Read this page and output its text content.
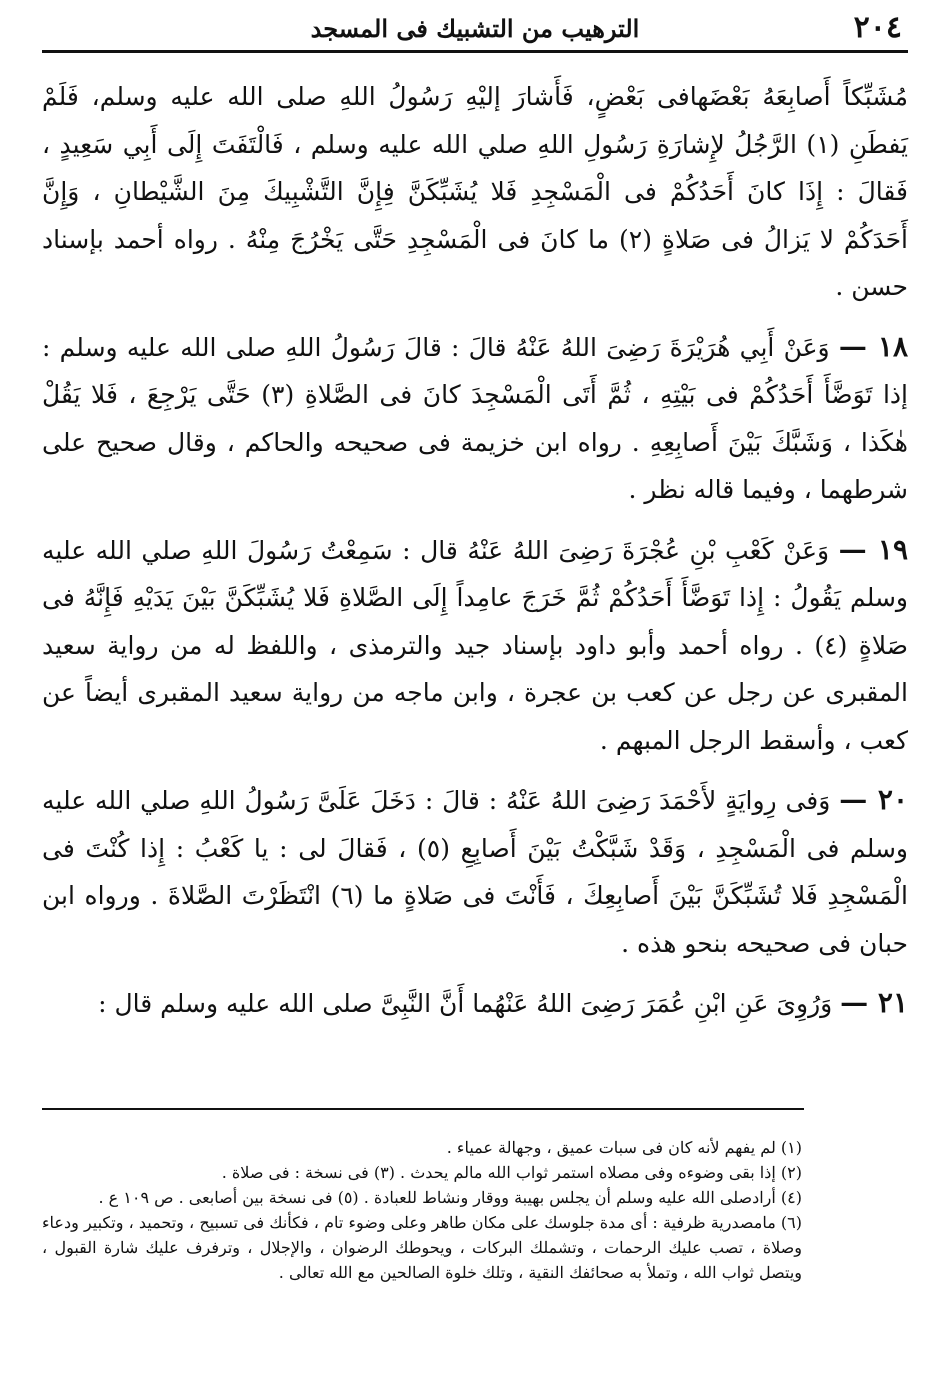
٢٠٤
الترهيب من التشبيك فى المسجد

مُشَبِّكاً أَصابِعَهُ بَعْضَهافى بَعْضٍ، فَأَشارَ إليْهِ رَسُولُ اللهِ صلى الله عليه وسلم، فَلَمْ يَفطَنِ (١) الرَّجُلُ لإِشارَةِ رَسُولِ اللهِ صلي الله عليه وسلم ، فَالْتَفَتَ إِلَى أَبِي سَعِيدٍ ، فَقالَ : إِذَا كانَ أَحَدُكُمْ فى الْمَسْجِدِ فَلا يُشَبِّكَنَّ فِإِنَّ التَّشْبِيكَ مِنَ الشَّيْطانِ ، وَإِنَّ أَحَدَكُمْ لا يَزالُ فى صَلاةٍ (٢) ما كانَ فى الْمَسْجِدِ حَتَّى يَخْرُجَ مِنْهُ . رواه أحمد بإسناد حسن .

١٨ — وَعَنْ أَبِي هُرَيْرَةَ رَضِىَ اللهُ عَنْهُ قالَ : قالَ رَسُولُ اللهِ صلى الله عليه وسلم : إذا تَوَضَّأَ أَحَدُكُمْ فى بَيْتِهِ ، ثُمَّ أَتَى الْمَسْجِدَ كانَ فى الصَّلاةِ (٣) حَتَّى يَرْجِعَ ، فَلا يَقُلْ هٰكَذا ، وَشَبَّكَ بَيْنَ أَصابِعِهِ . رواه ابن خزيمة فى صحيحه والحاكم ، وقال صحيح على شرطهما ، وفيما قاله نظر .

١٩ — وَعَنْ كَعْبِ بْنِ عُجْرَةَ رَضِىَ اللهُ عَنْهُ قال : سَمِعْتُ رَسُولَ اللهِ صلي الله عليه وسلم يَقُولُ : إِذا تَوَضَّأَ أَحَدُكُمْ ثُمَّ خَرَجَ عامِداً إِلَى الصَّلاةِ فَلا يُشَبِّكَنَّ بَيْنَ يَدَيْهِ فَإِنَّهُ فى صَلاةٍ (٤) . رواه أحمد وأبو داود بإسناد جيد والترمذى ، واللفظ له من رواية سعيد المقبرى عن رجل عن كعب بن عجرة ، وابن ماجه من رواية سعيد المقبرى أيضاً عن كعب ، وأسقط الرجل المبهم .

٢٠ — وَفى رِوايَةٍ لأَحْمَدَ رَضِىَ اللهُ عَنْهُ : قالَ : دَخَلَ عَلَىَّ رَسُولُ اللهِ صلي الله عليه وسلم فى الْمَسْجِدِ ، وَقَدْ شَبَّكْتُ بَيْنَ أَصابِعِ (٥) ، فَقالَ لى : يا كَعْبُ : إِذا كُنْتَ فى الْمَسْجِدِ فَلا تُشَبِّكَنَّ بَيْنَ أَصابِعِكَ ، فَأَنْتَ فى صَلاةٍ ما (٦) انْتَظَرْتَ الصَّلاةَ . ورواه ابن حبان فى صحيحه بنحو هذه .

٢١ — وَرُوِىَ عَنِ ابْنِ عُمَرَ رَضِىَ اللهُ عَنْهُما أَنَّ النَّبِىَّ صلى الله عليه وسلم قال :

(١) لم يفهم لأنه كان فى سبات عميق ، وجهالة عمياء .

(٢) إذا بقى وضوءه وفى مصلاه استمر ثواب الله مالم يحدث . (٣) فى نسخة : فى صلاة .

(٤) أرادصلى الله عليه وسلم أن يجلس بهيبة ووقار ونشاط للعبادة . (٥) فى نسخة بين أصابعى . ص ١٠٩ ع .

(٦) مامصدرية ظرفية : أى مدة جلوسك على مكان طاهر وعلى وضوء تام ، فكأنك فى تسبيح ، وتحميد ، وتكبير ودعاء وصلاة ، تصب عليك الرحمات ، وتشملك البركات ، ويحوطك الرضوان ، والإجلال ، وترفرف عليك شارة القبول ، ويتصل ثواب الله ، وتملأ به صحائفك النقية ، وتلك خلوة الصالحين مع الله تعالى .
